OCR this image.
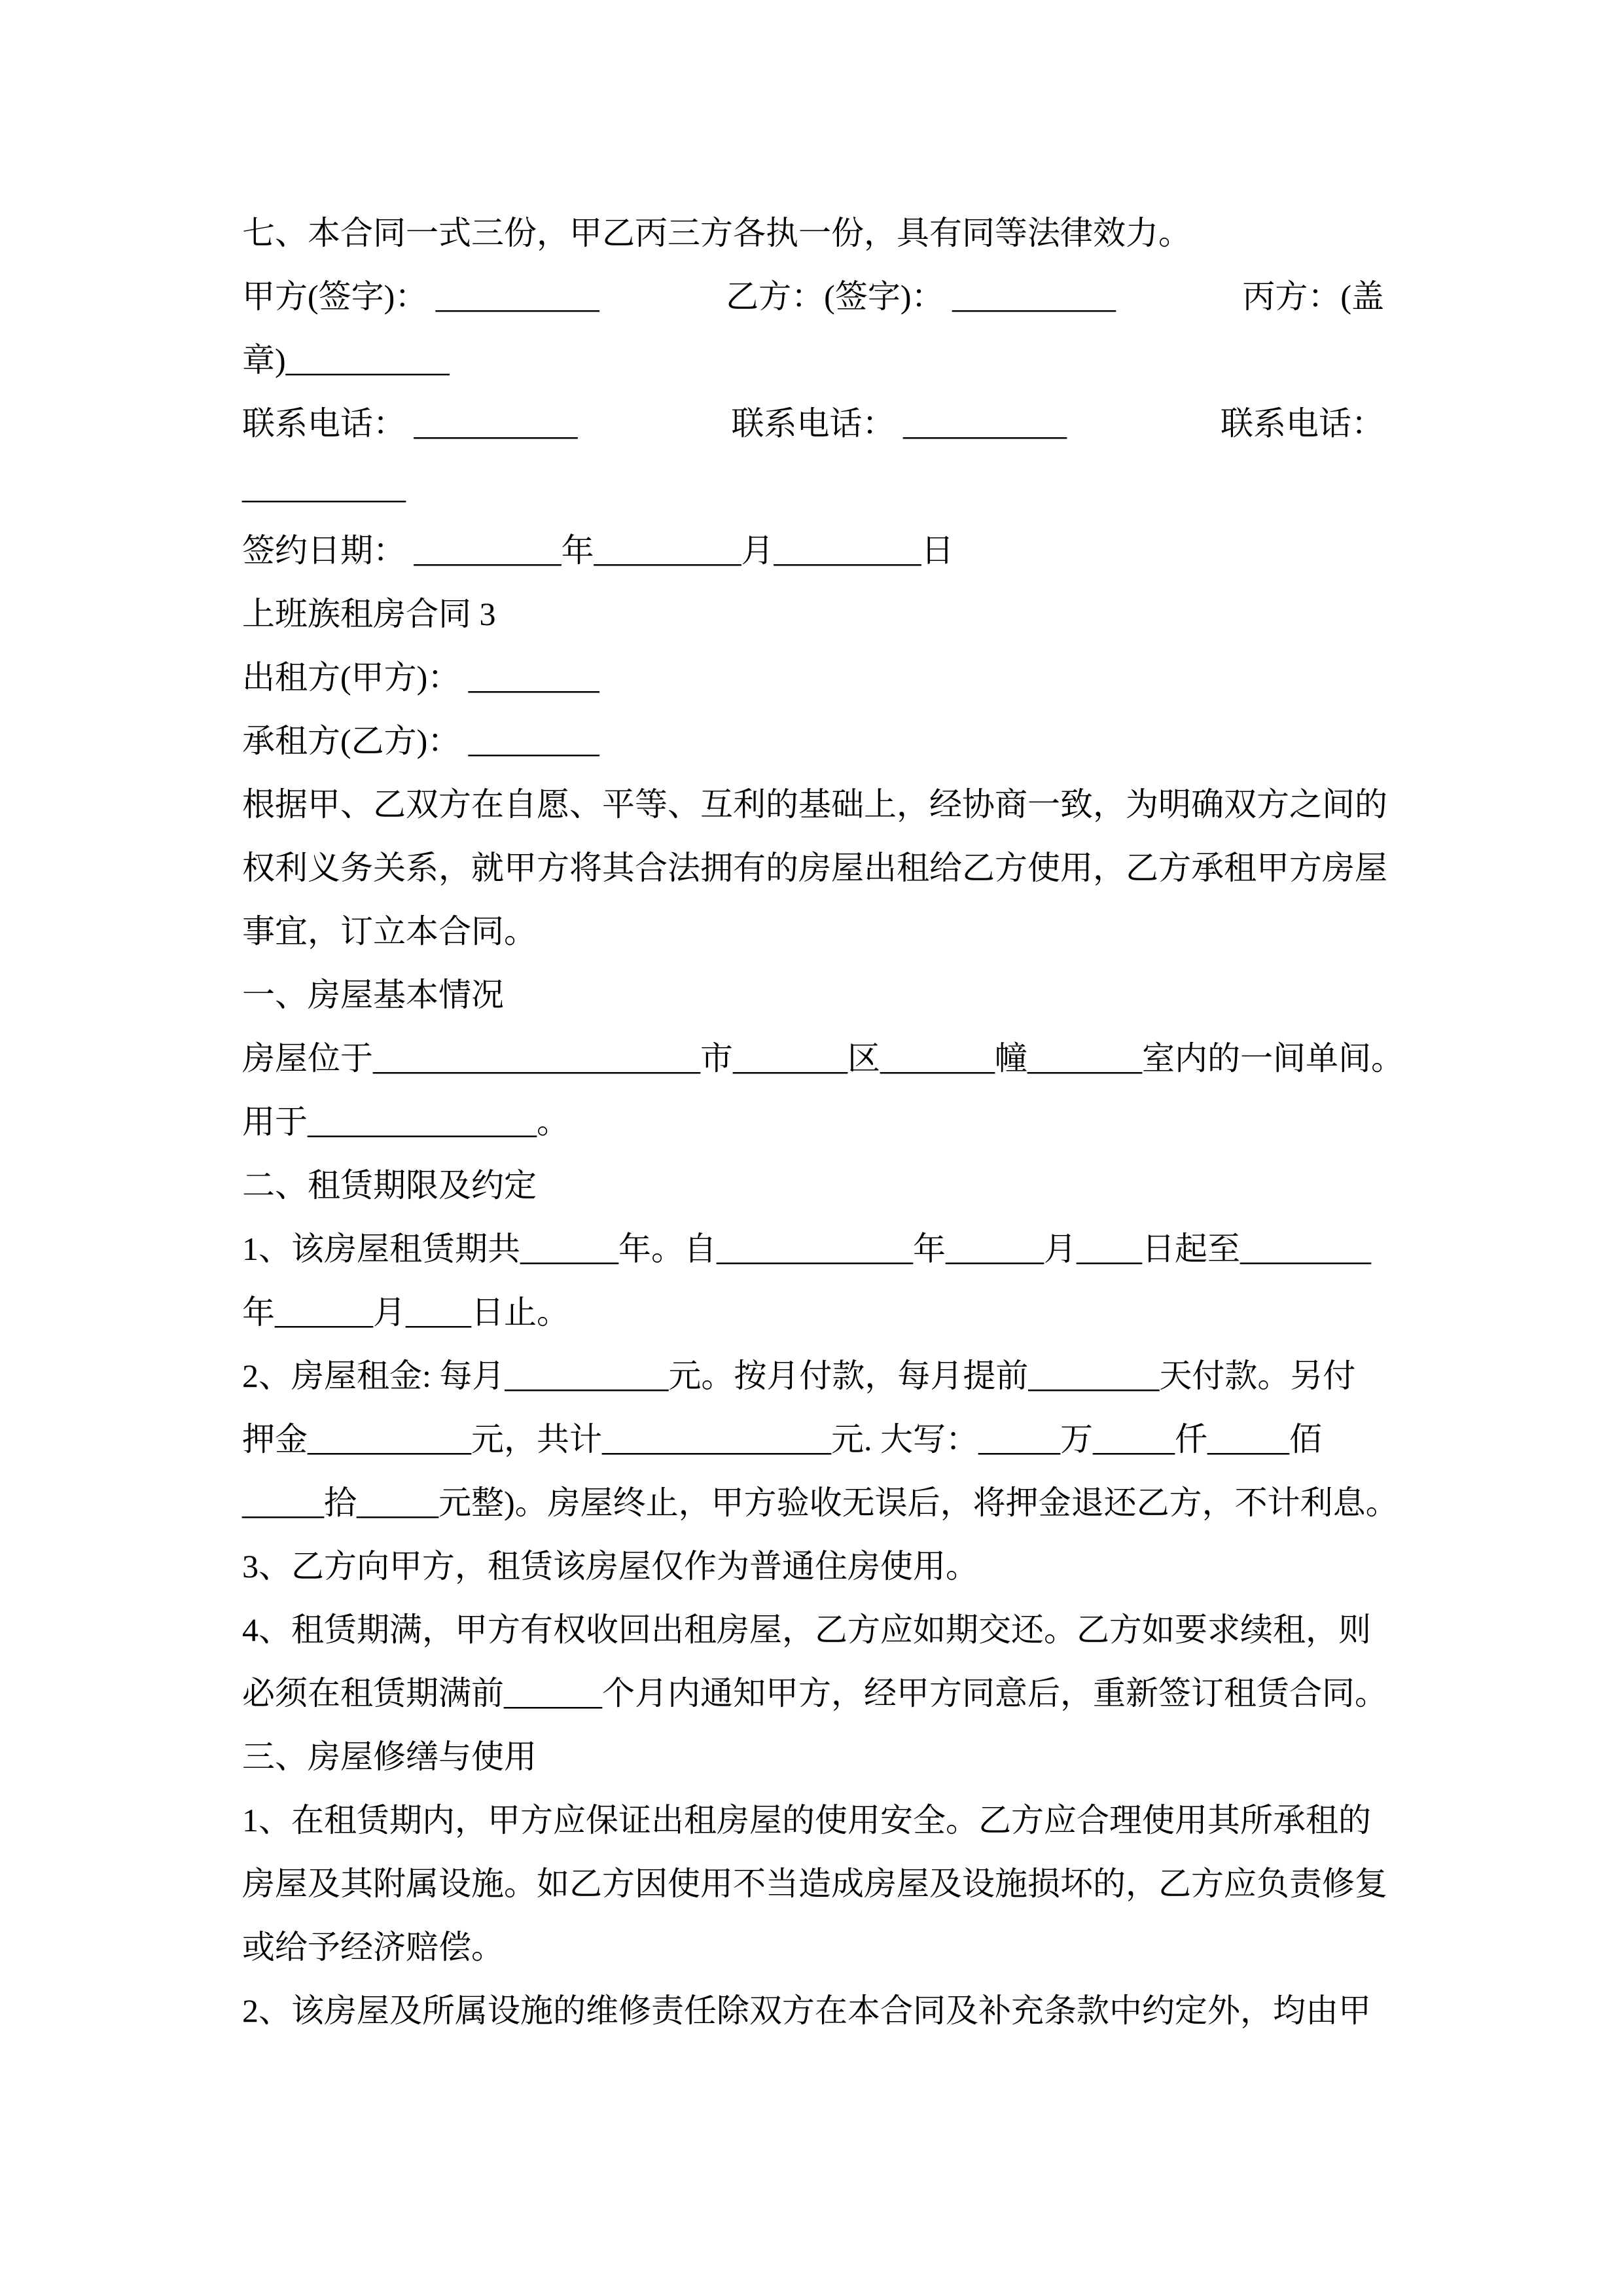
七、本合同一式三份，甲乙丙三方各执一份，具有同等法律效力。
甲方(签字)： __________	乙方：(签字)： __________	丙方：(盖
章)__________
联系电话： __________	联系电话： __________	联系电话：
__________
签约日期： _________年_________月_________日
上班族租房合同 3
出租方(甲方)： ________
承租方(乙方)： ________
根据甲、乙双方在自愿、平等、互利的基础上，经协商一致，为明确双方之间的
权利义务关系，就甲方将其合法拥有的房屋出租给乙方使用，乙方承租甲方房屋
事宜，订立本合同。
一、房屋基本情况
房屋位于____________________市_______区_______幢_______室内的一间单间。
用于______________。
二、租赁期限及约定
1、该房屋租赁期共______年。自____________年______月____日起至________
年______月____日止。
2、房屋租金: 每月__________元。按月付款，每月提前________天付款。另付
押金__________元，共计______________元. 大写：_____万_____仟_____佰
_____拾_____元整)。房屋终止，甲方验收无误后，将押金退还乙方，不计利息。
3、乙方向甲方，租赁该房屋仅作为普通住房使用。
4、租赁期满，甲方有权收回出租房屋，乙方应如期交还。乙方如要求续租，则
必须在租赁期满前______个月内通知甲方，经甲方同意后，重新签订租赁合同。
三、房屋修缮与使用
1、在租赁期内，甲方应保证出租房屋的使用安全。乙方应合理使用其所承租的
房屋及其附属设施。如乙方因使用不当造成房屋及设施损坏的，乙方应负责修复
或给予经济赔偿。
2、该房屋及所属设施的维修责任除双方在本合同及补充条款中约定外，均由甲
